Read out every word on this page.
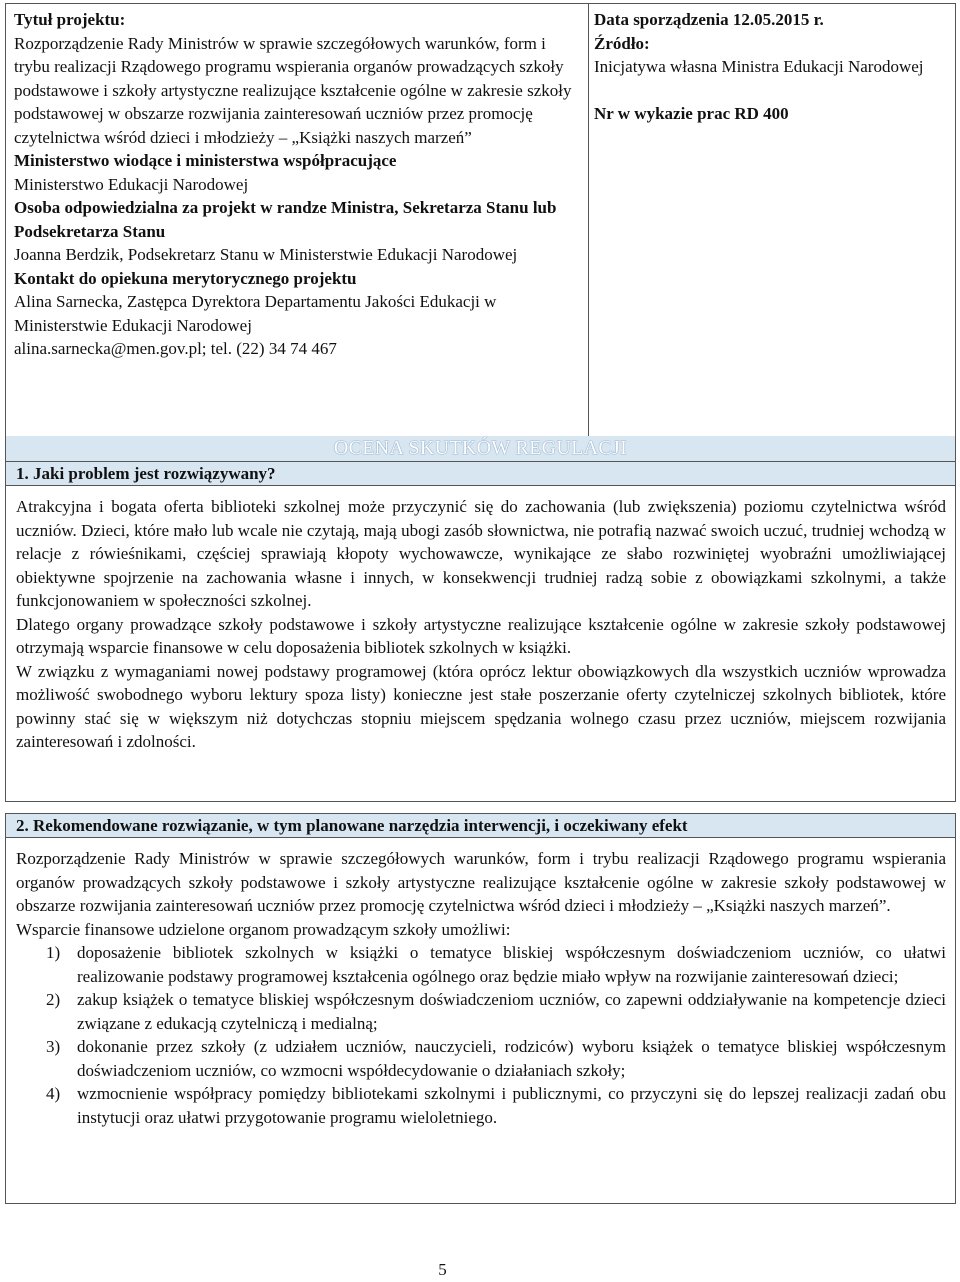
Tytuł projektu:
Rozporządzenie Rady Ministrów w sprawie szczegółowych warunków, form i trybu realizacji Rządowego programu wspierania organów prowadzących szkoły podstawowe i szkoły artystyczne realizujące kształcenie ogólne w zakresie szkoły podstawowej w obszarze rozwijania zainteresowań uczniów przez promocję czytelnictwa wśród dzieci i młodzieży – „Książki naszych marzeń”
Ministerstwo wiodące i ministerstwa współpracujące
Ministerstwo Edukacji Narodowej
Osoba odpowiedzialna za projekt w randze Ministra, Sekretarza Stanu lub Podsekretarza Stanu
Joanna Berdzik, Podsekretarz Stanu w Ministerstwie Edukacji Narodowej
Kontakt do opiekuna merytorycznego projektu
Alina Sarnecka, Zastępca Dyrektora Departamentu Jakości Edukacji w Ministerstwie Edukacji Narodowej
alina.sarnecka@men.gov.pl; tel. (22) 34 74 467
Data sporządzenia 12.05.2015 r.
Źródło:
Inicjatywa własna Ministra Edukacji Narodowej
Nr w wykazie prac RD 400
OCENA SKUTKÓW REGULACJI
1. Jaki problem jest rozwiązywany?

Atrakcyjna i bogata oferta biblioteki szkolnej może przyczynić się do zachowania (lub zwiększenia) poziomu czytelnictwa wśród uczniów. Dzieci, które mało lub wcale nie czytają, mają ubogi zasób słownictwa, nie potrafią nazwać swoich uczuć, trudniej wchodzą w relacje z rówieśnikami, częściej sprawiają kłopoty wychowawcze, wynikające ze słabo rozwiniętej wyobraźni umożliwiającej obiektywne spojrzenie na zachowania własne i innych, w konsekwencji trudniej radzą sobie z obowiązkami szkolnymi, a także funkcjonowaniem w społeczności szkolnej.

Dlatego organy prowadzące szkoły podstawowe i szkoły artystyczne realizujące kształcenie ogólne w zakresie szkoły podstawowej otrzymają wsparcie finansowe w celu doposażenia bibliotek szkolnych w książki.

W związku z wymaganiami nowej podstawy programowej (która oprócz lektur obowiązkowych dla wszystkich uczniów wprowadza możliwość swobodnego wyboru lektury spoza listy) konieczne jest stałe poszerzanie oferty czytelniczej szkolnych bibliotek, które powinny stać się w większym niż dotychczas stopniu miejscem spędzania wolnego czasu przez uczniów, miejscem rozwijania zainteresowań i zdolności.

2. Rekomendowane rozwiązanie, w tym planowane narzędzia interwencji, i oczekiwany efekt

Rozporządzenie Rady Ministrów w sprawie szczegółowych warunków, form i trybu realizacji Rządowego programu wspierania organów prowadzących szkoły podstawowe i szkoły artystyczne realizujące kształcenie ogólne w zakresie szkoły podstawowej w obszarze rozwijania zainteresowań uczniów przez promocję czytelnictwa wśród dzieci i młodzieży – „Książki naszych marzeń”.

Wsparcie finansowe udzielone organom prowadzącym szkoły umożliwi:

1) doposażenie bibliotek szkolnych w książki o tematyce bliskiej współczesnym doświadczeniom uczniów, co ułatwi realizowanie podstawy programowej kształcenia ogólnego oraz będzie miało wpływ na rozwijanie zainteresowań dzieci;
2) zakup książek o tematyce bliskiej współczesnym doświadczeniom uczniów, co zapewni oddziaływanie na kompetencje dzieci związane z edukacją czytelniczą i medialną;
3) dokonanie przez szkoły (z udziałem uczniów, nauczycieli, rodziców) wyboru książek o tematyce bliskiej współczesnym doświadczeniom uczniów, co wzmocni współdecydowanie o działaniach szkoły;
4) wzmocnienie współpracy pomiędzy bibliotekami szkolnymi i publicznymi, co przyczyni się do lepszej realizacji zadań obu instytucji oraz ułatwi przygotowanie programu wieloletniego.
5
